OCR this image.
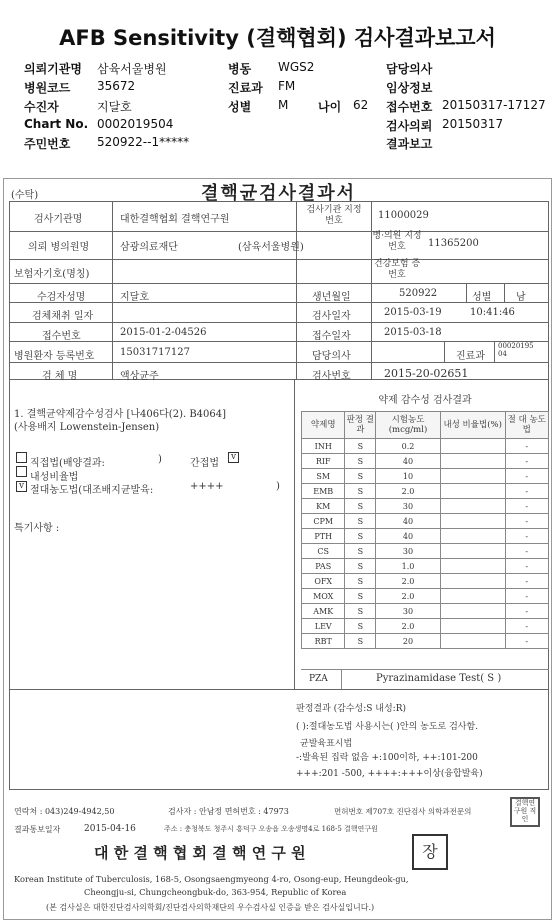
AFB Sensitivity (결핵협회) 검사결과보고서
의뢰기관명 삼육서울병원	병동 WGS2	담당의사
병원코드 35672	진료과 FM	임상정보
수진자	지달호	성별 M 나이 62 접수번호 20150317-17127
Chart No. 0002019504	검사의뢰 20150317
주민번호 520922--1*****	결과보고
(수탁)	결핵균검사결과서
검사기관명	대한결핵협회 결핵연구원
검사기관 지정번호	11000029
의뢰 병의원명	삼광의료재단	(삼육서울병원)
병·의원 지정번호	11365200
보험자기호(명칭)
건강보험 증번호
수검자성명	지달호	생년월일	520922	성별 남
검체채취 일자	검사일자	2015-03-19	10:41:46
접수번호	2015-01-2-04526	접수일자	2015-03-18
병원환자 등록번호	15031717127	담당의사	진료과
00020195
04
검 체 명	액상균주	검사번호	2015-20-02651
1. 결핵균약제감수성검사 [나406다(2). B4064]
(사용배지 Lowenstein-Jensen)
직접법(배양결과:	)	간접법
v
내성비율법
v 절대농도법(대조배지균발육:	++++	)
특기사항 :
약제 감수성 검사결과
약제명	판정 결과	시험농도 (mcg/ml)	내성 비율법(%)	절 대 농도법
INH	S	0.2		-
RIF	S	40		-
SM	S	10		-
EMB	S	2.0		-
KM	S	30		-
CPM	S	40		-
PTH	S	40		-
CS	S	30		-
PAS	S	1.0		-
OFX	S	2.0		-
MOX	S	2.0		-
AMK	S	30		-
LEV	S	2.0		-
RBT	S	20		-
PZA	Pyrazinamidase Test( S )
판정결과 (감수성:S 내성:R)
( ):절대농도법 사용시는( )안의 농도로 검사함.
균발육표시법
-:발육된 집락 없음 +:100이하, ++:101-200
+++:201 -500, ++++:+++이상(융합발육)
연락처 : 043)249-4942,50	검사자 : 안남정 면허번호 : 47973	면허번호 제707호 진단검사 의학과전문의
결핵연구원 직인
결과통보일자	2015-04-16	주소 : 충청북도 청주시 흥덕구 오송읍 오송생명4로 168-5 결핵연구원
대 한 결 핵 협 회 결 핵 연 구 원	장
Korean Institute of Tuberculosis, 168-5, Osongsaengmyeong 4-ro, Osong-eup, Heungdeok-gu,
Cheongju-si, Chungcheongbuk-do, 363-954, Republic of Korea
(본 검사실은 대한진단검사의학회/진단검사의학재단의 우수검사실 인증을 받은 검사실입니다.)
